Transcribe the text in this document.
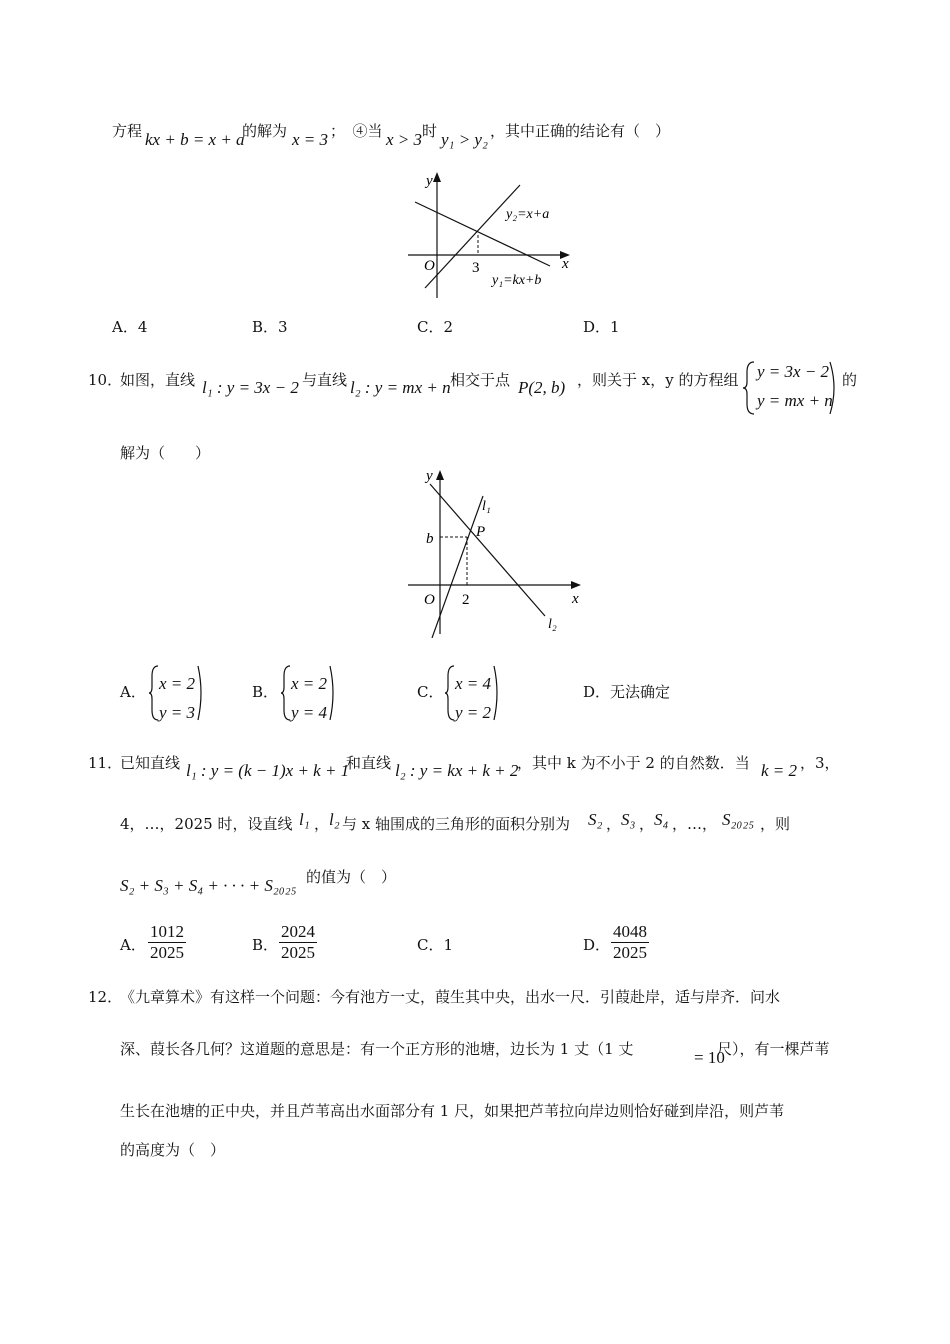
方程 kx + b = x + a
的解为 x = 3 ；　④当 x > 3 时 y₁ > y₂ ，其中正确的结论有（　）
y
x
O 3
y₂=x+a
y₁=kx+b
A．4	B．3	C．2	D．1
10．
如图，直线 l₁ : y = 3x − 2 与直线 l₂ : y = mx + n 相交于点 P(2, b) ，则关于 x，y 的方程组 y = 3x − 2
y = mx + n
的
解为（　　）
y
x
O
b
2
P
l₁
l₂
A． x = 2
y = 3
B． x = 2
y = 4
C． x = 4
y = 2
D．无法确定
11．
已知直线 l₁ : y = (k − 1)x + k + 1
和直线 l₂ : y = kx + k + 2
，其中 k 为不小于 2 的自然数．当 k = 2 ，3，
4，…，2025 时，设直线 l₁ ， l₂ 与 x 轴围成的三角形的面积分别为 S₂ ， S₃ ， S₄ ，…， S₂₀₂₅ ，则
S₂ + S₃ + S₄ + · · · + S₂₀₂₅ 的值为（　）
A． $\frac{1012}{2025}$	B． $\frac{2024}{2025}$	C．1	D． $\frac{4048}{2025}$
12．
《九章算术》有这样一个问题：今有池方一丈，葭生其中央，出水一尺．引葭赴岸，适与岸齐．问水
深、葭长各几何？这道题的意思是：有一个正方形的池塘，边长为 1 丈（1 丈	= 10
尺），有一棵芦苇
生长在池塘的正中央，并且芦苇高出水面部分有 1 尺，如果把芦苇拉向岸边则恰好碰到岸沿，则芦苇
的高度为（　）
